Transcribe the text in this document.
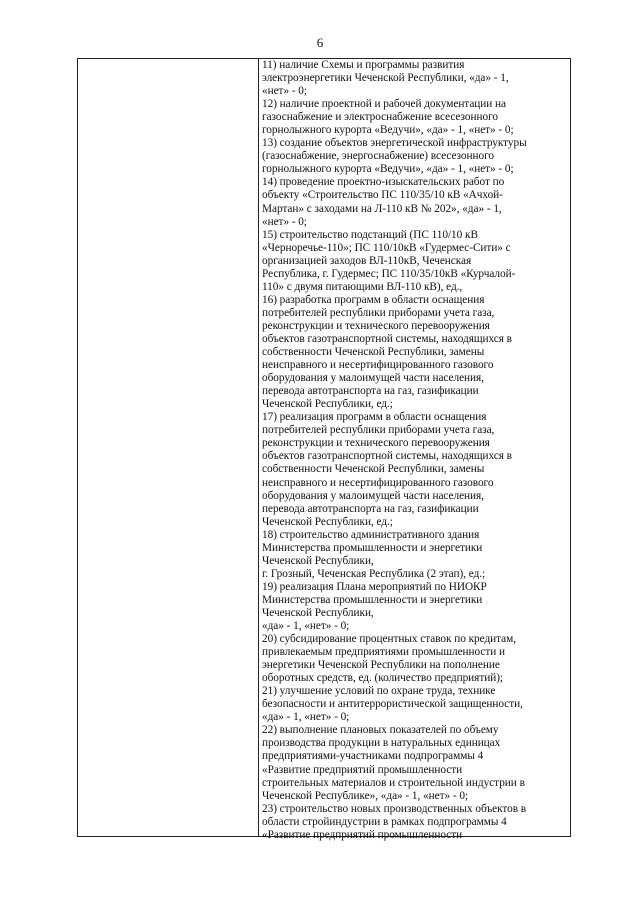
6
11) наличие Схемы и программы развития
электроэнергетики Чеченской Республики, «да» - 1,
«нет» - 0;
12) наличие проектной и рабочей документации на
газоснабжение и электроснабжение всесезонного
горнолыжного курорта «Ведучи», «да» - 1, «нет» - 0;
13) создание объектов энергетической инфраструктуры
(газоснабжение, энергоснабжение) всесезонного
горнолыжного курорта «Ведучи», «да» - 1, «нет» - 0;
14) проведение проектно-изыскательских работ по
объекту «Строительство ПС 110/35/10 кВ «Ачхой-
Мартан» с заходами на Л-110 кВ № 202», «да» - 1,
«нет» - 0;
15) строительство подстанций (ПС 110/10 кВ
«Черноречье-110»; ПС 110/10кВ «Гудермес-Сити» с
организацией заходов ВЛ-110кВ, Чеченская
Республика, г. Гудермес; ПС 110/35/10кВ «Курчалой-
110» с двумя питающими ВЛ-110 кВ), ед.,
16) разработка программ в области оснащения
потребителей республики приборами учета газа,
реконструкции и технического перевооружения
объектов газотранспортной системы, находящихся в
собственности Чеченской Республики, замены
неисправного и несертифицированного газового
оборудования у малоимущей части населения,
перевода автотранспорта на газ, газификации
Чеченской Республики, ед.;
17) реализация программ в области оснащения
потребителей республики приборами учета газа,
реконструкции и технического перевооружения
объектов газотранспортной системы, находящихся в
собственности Чеченской Республики, замены
неисправного и несертифицированного газового
оборудования у малоимущей части населения,
перевода автотранспорта на газ, газификации
Чеченской Республики, ед.;
18) строительство административного здания
Министерства промышленности и энергетики
Чеченской Республики,
г. Грозный, Чеченская Республика (2 этап), ед.;
19) реализация Плана мероприятий по НИОКР
Министерства промышленности и энергетики
Чеченской Республики,
«да» - 1, «нет» - 0;
20) субсидирование процентных ставок по кредитам,
привлекаемым предприятиями промышленности и
энергетики Чеченской Республики на пополнение
оборотных средств, ед. (количество предприятий);
21) улучшение условий по охране труда, технике
безопасности и антитеррористической защищенности,
«да» - 1, «нет» - 0;
22) выполнение плановых показателей по объему
производства продукции в натуральных единицах
предприятиями-участниками подпрограммы 4
«Развитие предприятий промышленности
строительных материалов и строительной индустрии в
Чеченской Республике», «да» - 1, «нет» - 0;
23) строительство новых производственных объектов в
области стройиндустрии в рамках подпрограммы 4
«Развитие предприятий промышленности
